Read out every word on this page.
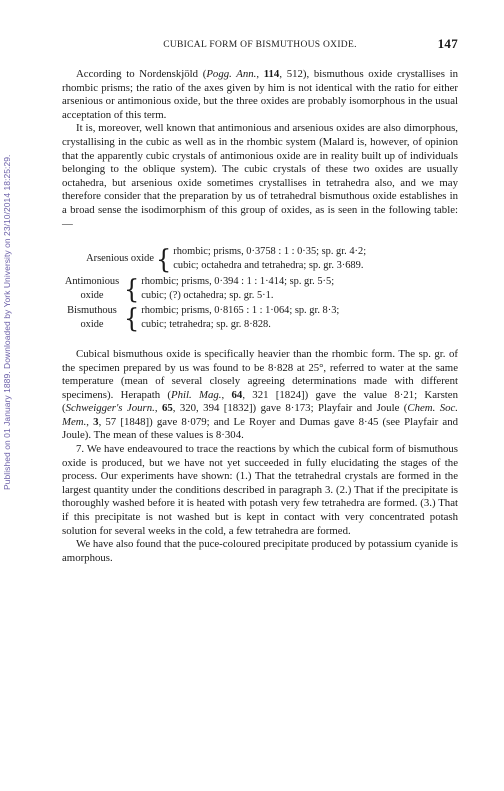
Published on 01 January 1889. Downloaded by York University on 23/10/2014 18:25:29.
CUBICAL FORM OF BISMUTHOUS OXIDE.	147

According to Nordenskjöld (Pogg. Ann., 114, 512), bismuthous oxide crystallises in rhombic prisms; the ratio of the axes given by him is not identical with the ratio for either arsenious or antimonious oxide, but the three oxides are probably isomorphous in the usual acceptation of this term.

It is, moreover, well known that antimonious and arsenious oxides are also dimorphous, crystallising in the cubic as well as in the rhombic system (Malard is, however, of opinion that the apparently cubic crystals of antimonious oxide are in reality built up of individuals belonging to the oblique system). The cubic crystals of these two oxides are usually octahedra, but arsenious oxide sometimes crystallises in tetrahedra also, and we may therefore consider that the preparation by us of tetrahedral bismuthous oxide establishes in a broad sense the isodimorphism of this group of oxides, as is seen in the following table:—

Arsenious oxide { rhombic; prisms, 0·3758 : 1 : 0·35; sp. gr. 4·2;
cubic; octahedra and tetrahedra; sp. gr. 3·689.
Antimonious
oxide { rhombic; prisms, 0·394 : 1 : 1·414; sp. gr. 5·5;
cubic; (?) octahedra; sp. gr. 5·1.
Bismuthous
oxide { rhombic; prisms, 0·8165 : 1 : 1·064; sp. gr. 8·3;
cubic; tetrahedra; sp. gr. 8·828.

Cubical bismuthous oxide is specifically heavier than the rhombic form. The sp. gr. of the specimen prepared by us was found to be 8·828 at 25°, referred to water at the same temperature (mean of several closely agreeing determinations made with different specimens). Herapath (Phil. Mag., 64, 321 [1824]) gave the value 8·21; Karsten (Schweigger's Journ., 65, 320, 394 [1832]) gave 8·173; Playfair and Joule (Chem. Soc. Mem., 3, 57 [1848]) gave 8·079; and Le Royer and Dumas gave 8·45 (see Playfair and Joule). The mean of these values is 8·304.

7. We have endeavoured to trace the reactions by which the cubical form of bismuthous oxide is produced, but we have not yet succeeded in fully elucidating the stages of the process. Our experiments have shown: (1.) That the tetrahedral crystals are formed in the largest quantity under the conditions described in paragraph 3. (2.) That if the precipitate is thoroughly washed before it is heated with potash very few tetrahedra are formed. (3.) That if this precipitate is not washed but is kept in contact with very concentrated potash solution for several weeks in the cold, a few tetrahedra are formed.

We have also found that the puce-coloured precipitate produced by potassium cyanide is amorphous.
